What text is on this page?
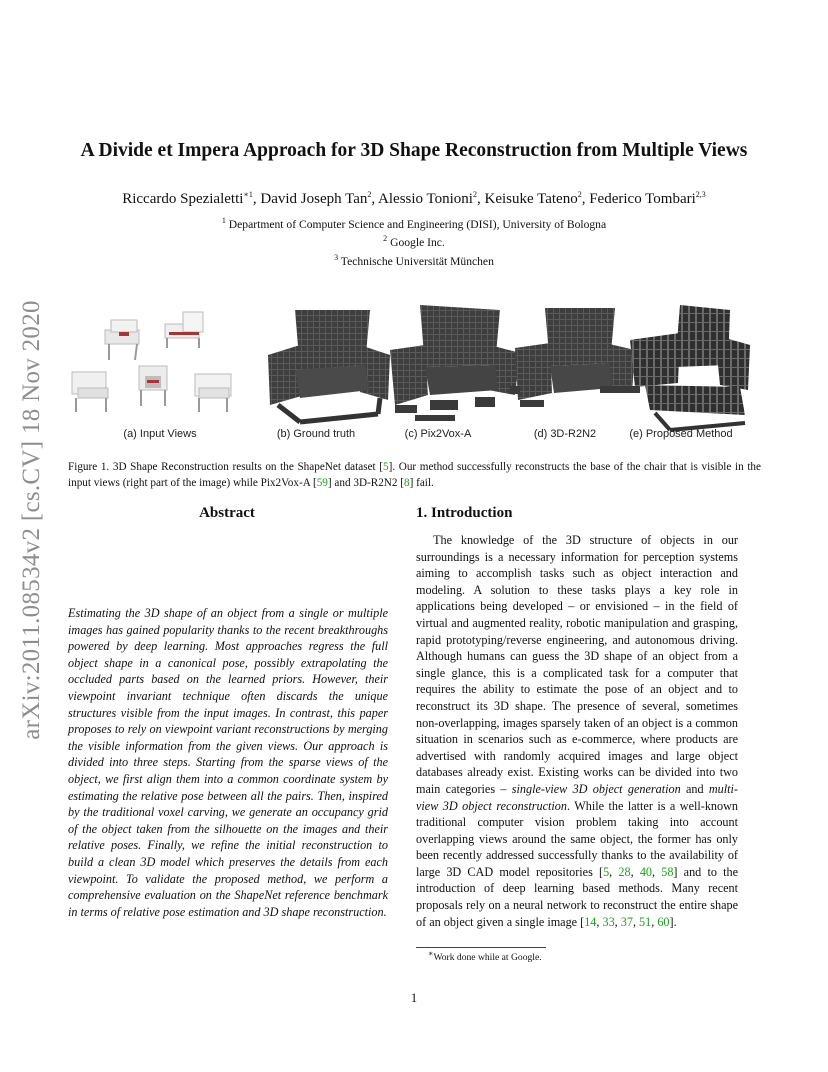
arXiv:2011.08534v2 [cs.CV] 18 Nov 2020
A Divide et Impera Approach for 3D Shape Reconstruction from Multiple Views
Riccardo Spezialetti$^{∗1}$, David Joseph Tan$^2$, Alessio Tonioni$^2$, Keisuke Tateno$^2$, Federico Tombari$^{2,3}$
$^1$ Department of Computer Science and Engineering (DISI), University of Bologna
$^2$ Google Inc.
$^3$ Technische Universität München
(a) Input Views	(b) Ground truth	(c) Pix2Vox-A	(d) 3D-R2N2	(e) Proposed Method
Figure 1. 3D Shape Reconstruction results on the ShapeNet dataset [5]. Our method successfully reconstructs the base of the chair that is visible in the input views (right part of the image) while Pix2Vox-A [59] and 3D-R2N2 [8] fail.
Abstract	1. Introduction
Estimating the 3D shape of an object from a single or multiple images has gained popularity thanks to the recent breakthroughs powered by deep learning. Most approaches regress the full object shape in a canonical pose, possibly extrapolating the occluded parts based on the learned priors. However, their viewpoint invariant technique often discards the unique structures visible from the input images. In contrast, this paper proposes to rely on viewpoint variant reconstructions by merging the visible information from the given views. Our approach is divided into three steps. Starting from the sparse views of the object, we first align them into a common coordinate system by estimating the relative pose between all the pairs. Then, inspired by the traditional voxel carving, we generate an occupancy grid of the object taken from the silhouette on the images and their relative poses. Finally, we refine the initial reconstruction to build a clean 3D model which preserves the details from each viewpoint. To validate the proposed method, we perform a comprehensive evaluation on the ShapeNet reference benchmark in terms of relative pose estimation and 3D shape reconstruction.

The knowledge of the 3D structure of objects in our surroundings is a necessary information for perception systems aiming to accomplish tasks such as object interaction and modeling. A solution to these tasks plays a key role in applications being developed – or envisioned – in the field of virtual and augmented reality, robotic manipulation and grasping, rapid prototyping/reverse engineering, and autonomous driving. Although humans can guess the 3D shape of an object from a single glance, this is a complicated task for a computer that requires the ability to estimate the pose of an object and to reconstruct its 3D shape. The presence of several, sometimes non-overlapping, images sparsely taken of an object is a common situation in scenarios such as e-commerce, where products are advertised with randomly acquired images and large object databases already exist. Existing works can be divided into two main categories – single-view 3D object generation and multi-view 3D object reconstruction. While the latter is a well-known traditional computer vision problem taking into account overlapping views around the same object, the former has only been recently addressed successfully thanks to the availability of large 3D CAD model repositories [5, 28, 40, 58] and to the introduction of deep learning based methods. Many recent proposals rely on a neural network to reconstruct the entire shape of an object given a single image [14, 33, 37, 51, 60].

∗Work done while at Google.
1
